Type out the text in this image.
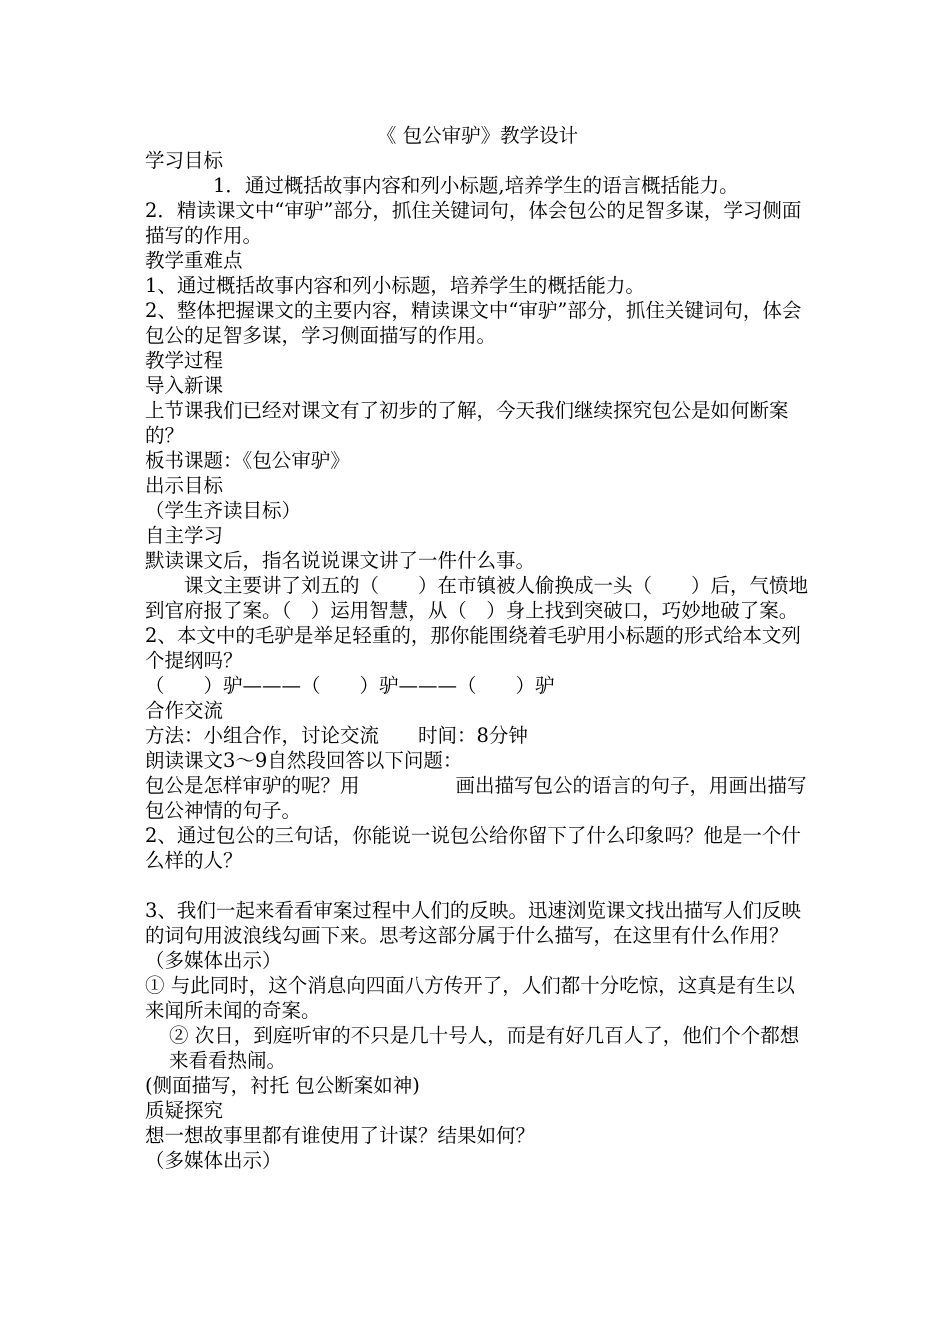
《 包公审驴》教学设计

学习目标

1．通过概括故事内容和列小标题,培养学生的语言概括能力。

2．精读课文中“审驴”部分，抓住关键词句，体会包公的足智多谋，学习侧面描写的作用。

教学重难点

1、通过概括故事内容和列小标题，培养学生的概括能力。

2、整体把握课文的主要内容，精读课文中“审驴”部分，抓住关键词句，体会包公的足智多谋，学习侧面描写的作用。

教学过程

导入新课

上节课我们已经对课文有了初步的了解，今天我们继续探究包公是如何断案的？

板书课题：《包公审驴》

出示目标

（学生齐读目标）

自主学习

默读课文后，指名说说课文讲了一件什么事。

课文主要讲了刘五的（　　）在市镇被人偷换成一头（　　）后，气愤地到官府报了案。（　）运用智慧，从（　）身上找到突破口，巧妙地破了案。

2、本文中的毛驴是举足轻重的，那你能围绕着毛驴用小标题的形式给本文列个提纲吗？

（　　）驴———（　　）驴———（　　）驴

合作交流

方法：小组合作，讨论交流　　时间：8分钟

朗读课文3～9自然段回答以下问题：

包公是怎样审驴的呢？用	画出描写包公的语言的句子，用画出描写包公神情的句子。

2、通过包公的三句话，你能说一说包公给你留下了什么印象吗？他是一个什么样的人？

3、我们一起来看看审案过程中人们的反映。迅速浏览课文找出描写人们反映的词句用波浪线勾画下来。思考这部分属于什么描写，在这里有什么作用？

（多媒体出示）

① 与此同时，这个消息向四面八方传开了，人们都十分吃惊，这真是有生以来闻所未闻的奇案。

② 次日，到庭听审的不只是几十号人，而是有好几百人了，他们个个都想来看看热闹。

(侧面描写，衬托 包公断案如神)

质疑探究

想一想故事里都有谁使用了计谋？结果如何？

（多媒体出示）
